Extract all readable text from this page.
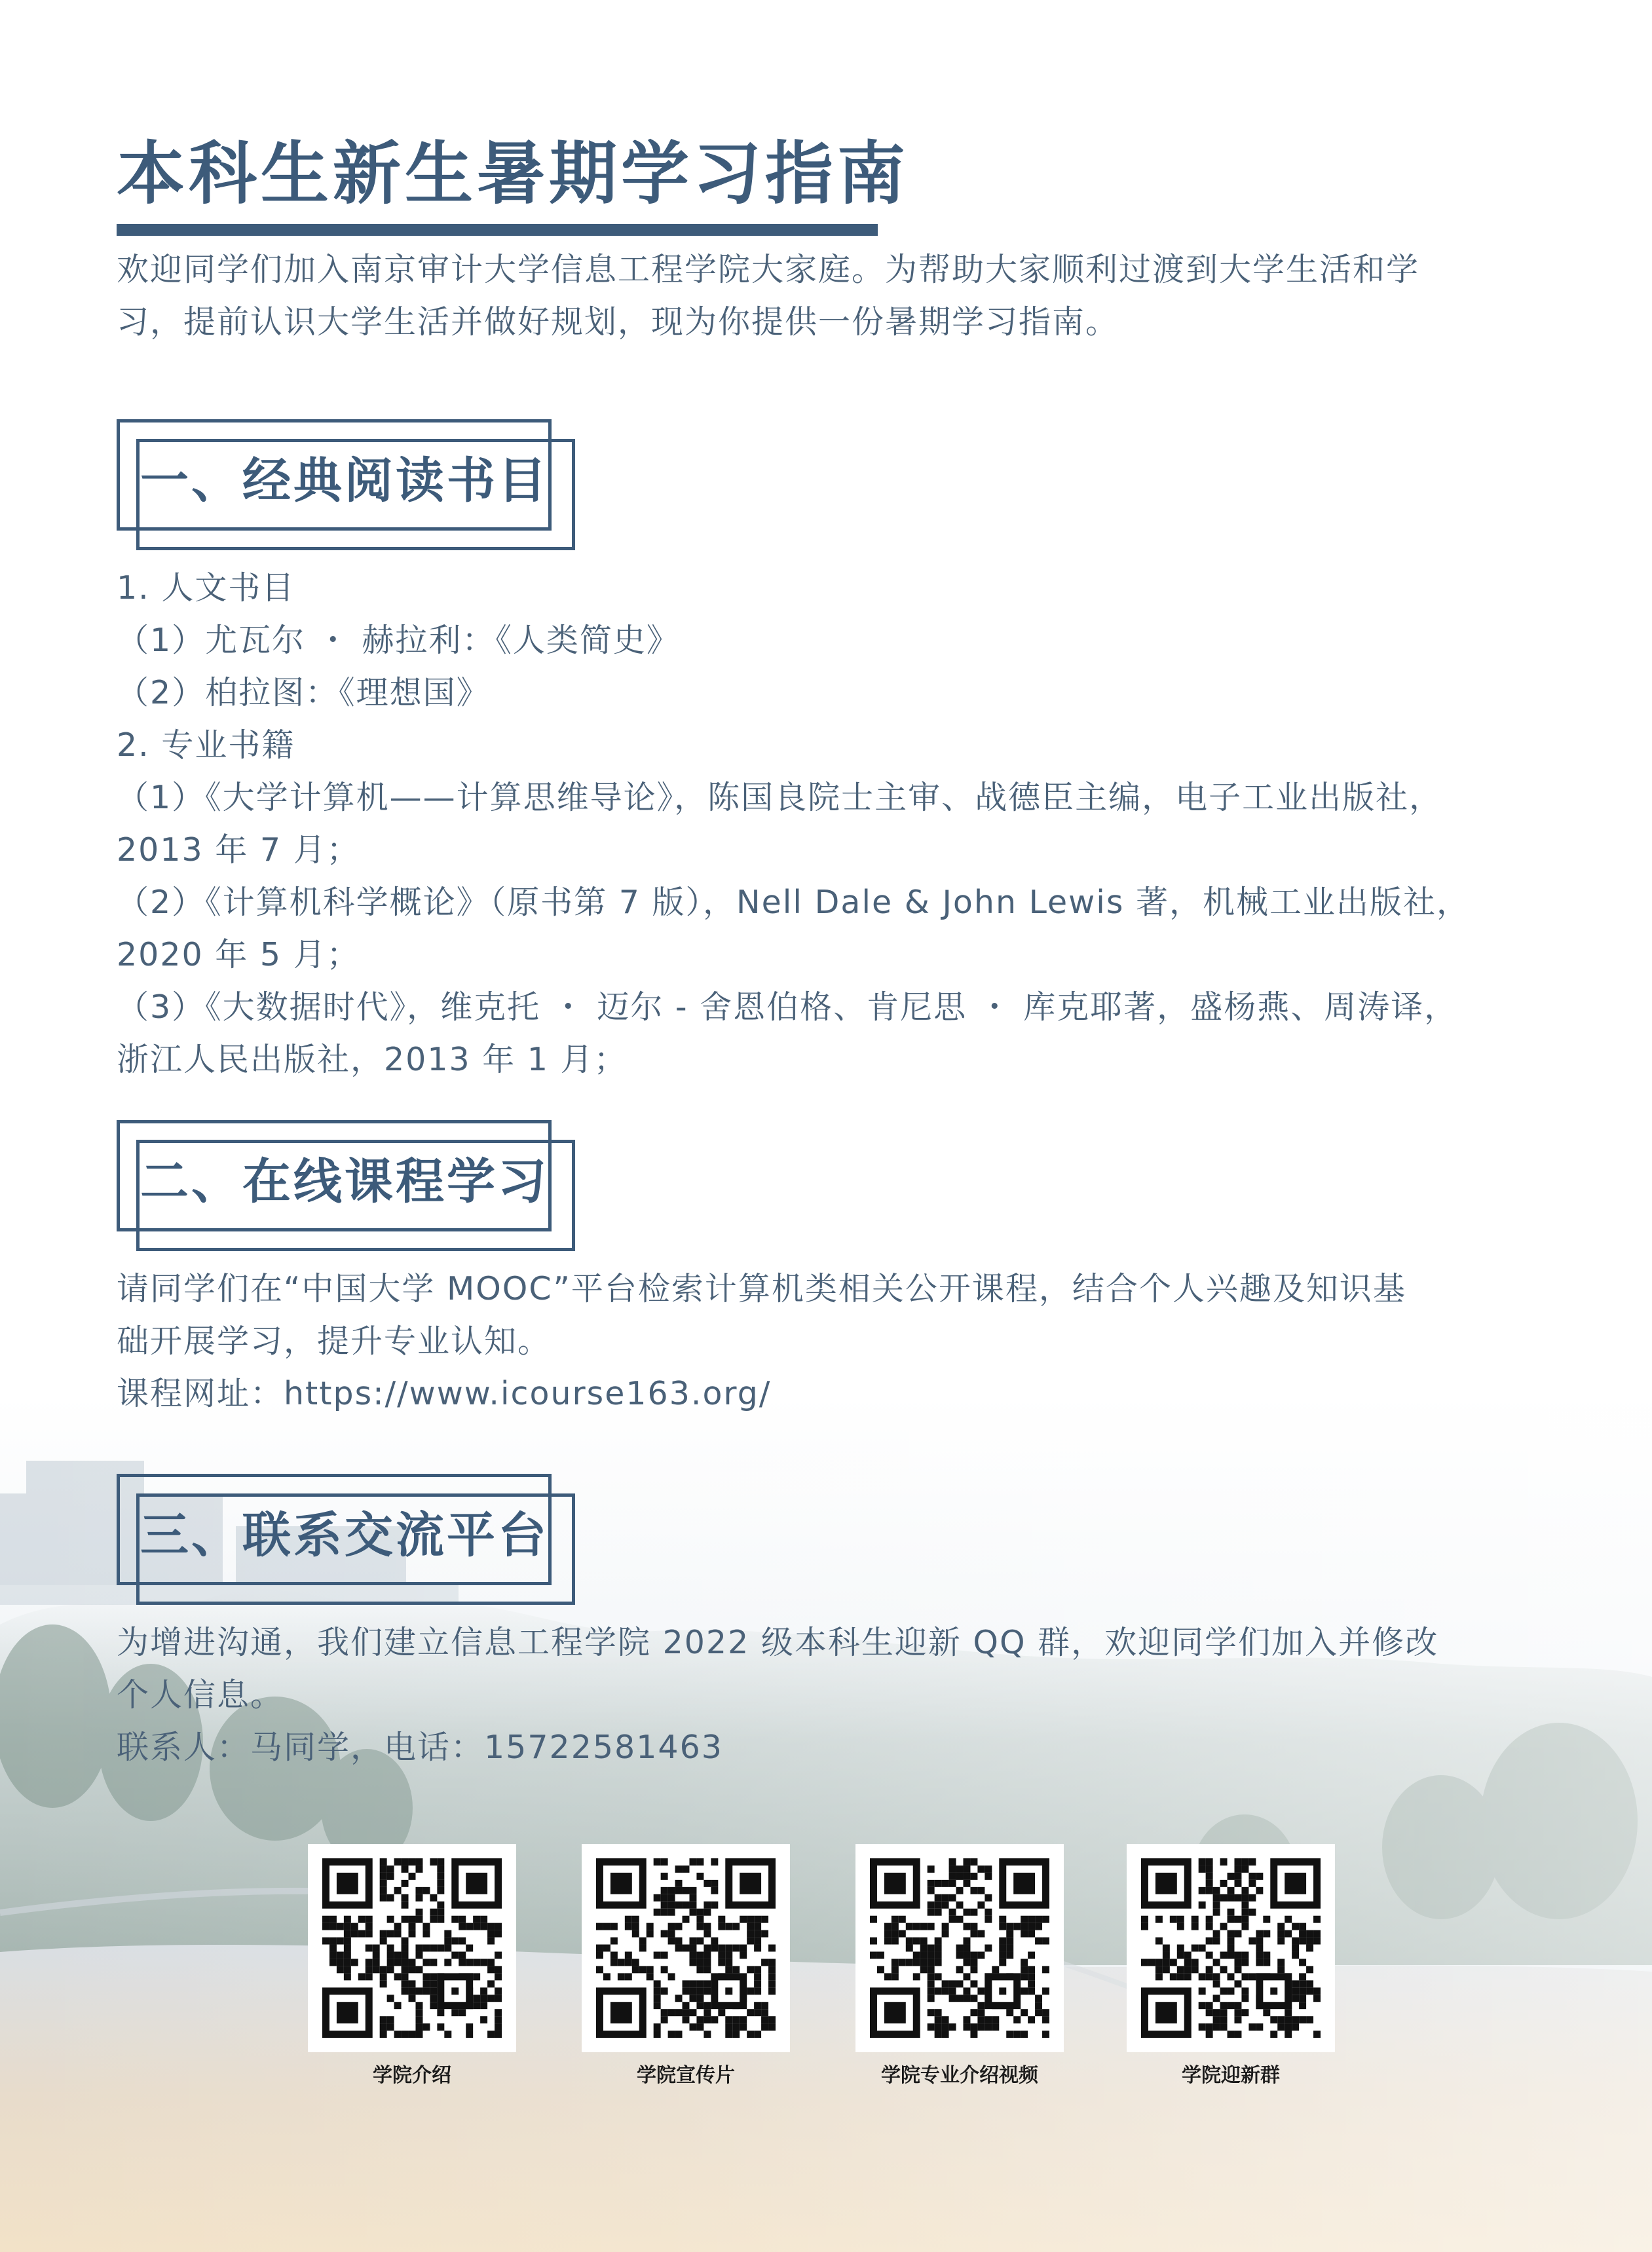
本科生新生暑期学习指南
欢迎同学们加入南京审计大学信息工程学院大家庭。为帮助大家顺利过渡到大学生活和学
习，提前认识大学生活并做好规划，现为你提供一份暑期学习指南。
一、经典阅读书目
1. 人文书目
（1）尤瓦尔 ・ 赫拉利：《人类简史》
（2）柏拉图：《理想国》
2. 专业书籍
（1）《大学计算机——计算思维导论》，陈国良院士主审、战德臣主编，电子工业出版社，
2013 年 7 月；
（2）《计算机科学概论》（原书第 7 版），Nell Dale & John Lewis 著，机械工业出版社，
2020 年 5 月；
（3）《大数据时代》，维克托 ・ 迈尔 - 舍恩伯格、肯尼思 ・ 库克耶著，盛杨燕、周涛译，
浙江人民出版社，2013 年 1 月；
二、在线课程学习
请同学们在“中国大学 MOOC”平台检索计算机类相关公开课程，结合个人兴趣及知识基
础开展学习，提升专业认知。
课程网址：https://www.icourse163.org/
三、联系交流平台
为增进沟通，我们建立信息工程学院 2022 级本科生迎新 QQ 群，欢迎同学们加入并修改
个人信息。
联系人：马同学，电话：15722581463
学院介绍	学院宣传片	学院专业介绍视频	学院迎新群
